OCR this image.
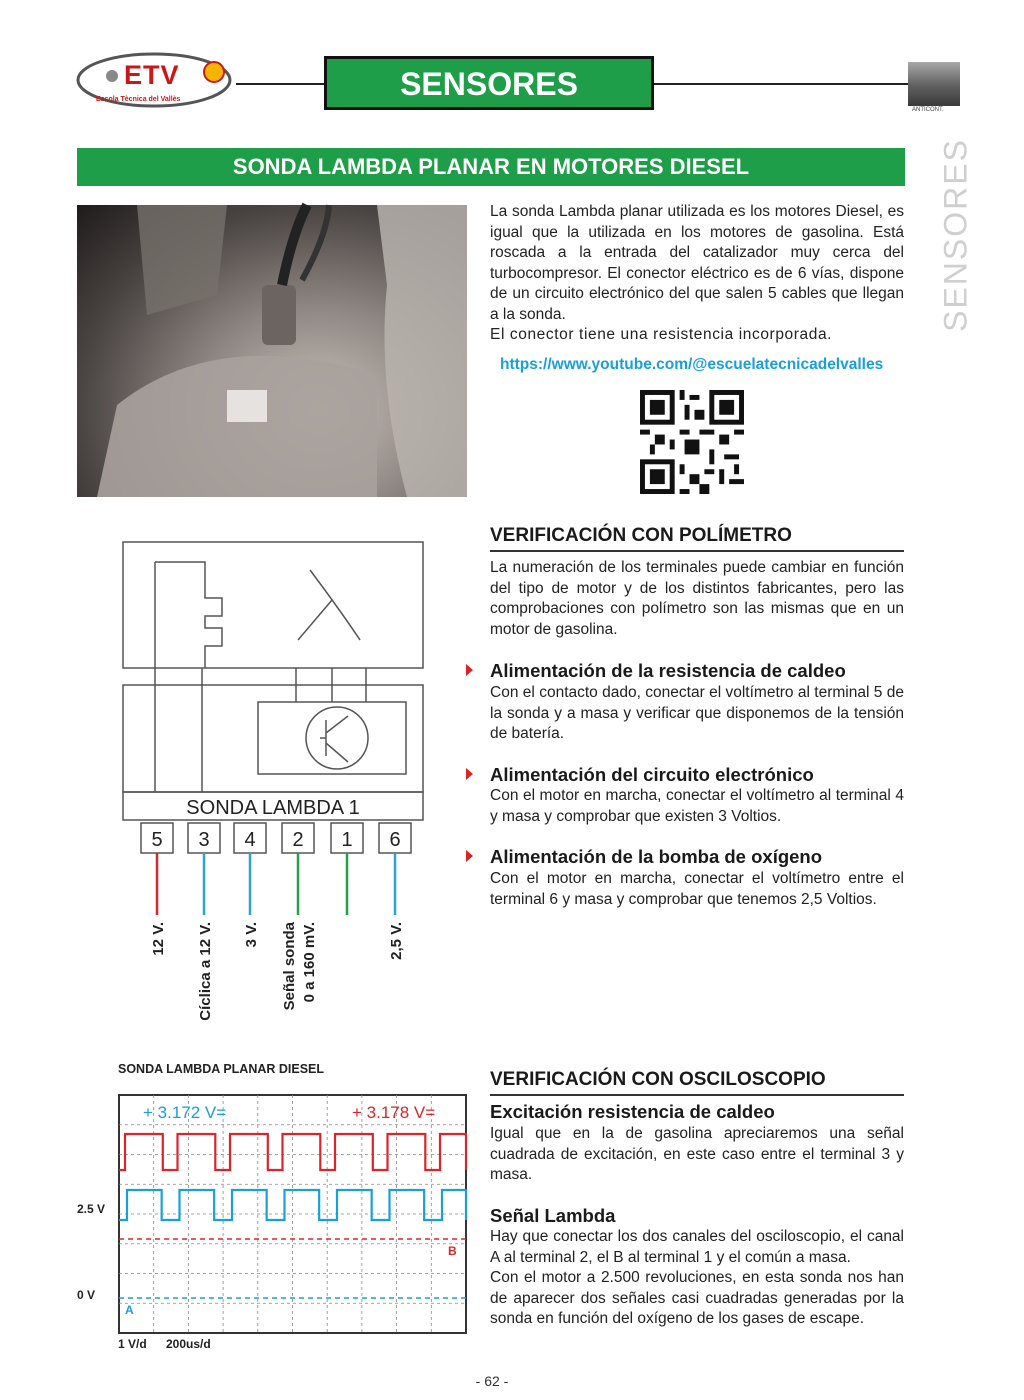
ETV
Escola Tècnica del Vallès	SENSORES
ANTICONT.
SENSORES
SONDA LAMBDA PLANAR EN MOTORES DIESEL

La sonda Lambda planar utilizada es los motores Diesel, es igual que la utilizada en los motores de gasolina. Está roscada a la entrada del catalizador muy cerca del turbocompresor. El conector eléctrico es de 6 vías, dispone de un circuito electrónico del que salen 5 cables que llegan a la sonda.

El conector tiene una resistencia incorporada.

https://www.youtube.com/@escuelatecnicadelvalles
VERIFICACIÓN CON POLÍMETRO

La numeración de los terminales puede cambiar en función del tipo de motor y de los distintos fabricantes, pero las comprobaciones con polímetro son las mismas que en un motor de gasolina.

Alimentación de la resistencia de caldeo

Con el contacto dado, conectar el voltímetro al terminal 5 de la sonda y a masa y verificar que disponemos de la tensión de batería.

Alimentación del circuito electrónico

Con el motor en marcha, conectar el voltímetro al terminal 4 y masa y comprobar que existen 3 Voltios.

Alimentación de la bomba de oxígeno

Con el motor en marcha, conectar el voltímetro entre el terminal 6 y masa y comprobar que tenemos 2,5 Voltios.

SONDA LAMBDA 1
5
12 V.
3
Cíclica a 12 V.
4
3 V.
2
Señal sonda 0 a 160 mV.
1 6
2,5 V.
SONDA LAMBDA PLANAR DIESEL
+ 3.172 V=	+ 3.178 V=
B
A
2.5 V
0 V
1 V/d 200us/d
VERIFICACIÓN CON OSCILOSCOPIO
Excitación resistencia de caldeo

Igual que en la de gasolina apreciaremos una señal cuadrada de excitación, en este caso entre el terminal 3 y masa.

Señal Lambda

Hay que conectar los dos canales del osciloscopio, el canal A al terminal 2, el B al terminal 1 y el común a masa.

Con el motor a 2.500 revoluciones, en esta sonda nos han de aparecer dos señales casi cuadradas generadas por la sonda en función del oxígeno de los gases de escape.

- 62 -
